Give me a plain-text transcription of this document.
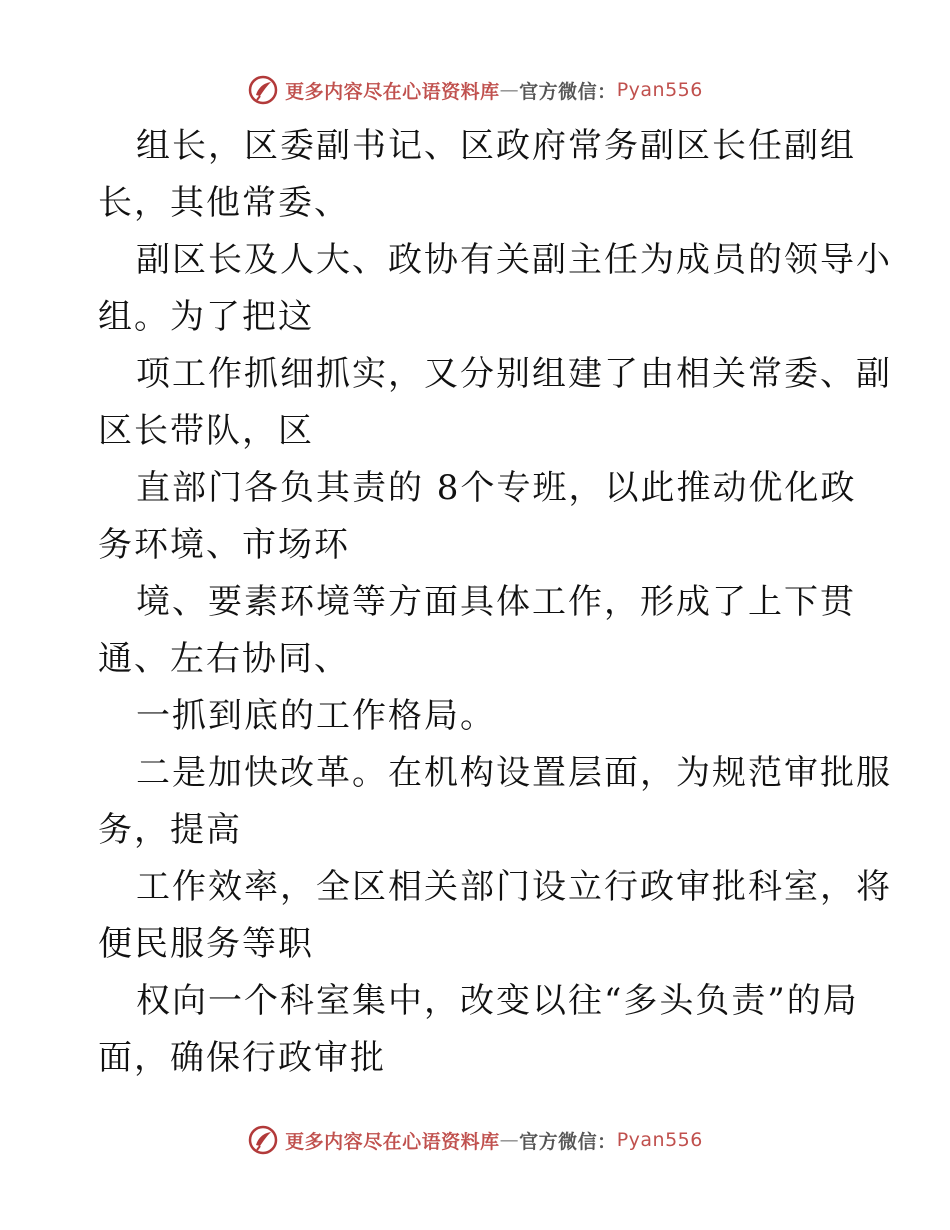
更多内容尽在心语资料库 — 官方微信： Pyan556
组长，区委副书记、区政府常务副区长任副组
长，其他常委、
副区长及人大、政协有关副主任为成员的领导小
组。为了把这
项工作抓细抓实，又分别组建了由相关常委、副
区长带队，区
直部门各负其责的 8个专班，以此推动优化政
务环境、市场环
境、要素环境等方面具体工作，形成了上下贯
通、左右协同、
一抓到底的工作格局。
二是加快改革。在机构设置层面，为规范审批服
务，提高
工作效率，全区相关部门设立行政审批科室，将
便民服务等职
权向一个科室集中，改变以往“多头负责”的局
面，确保行政审批
更多内容尽在心语资料库 — 官方微信： Pyan556
